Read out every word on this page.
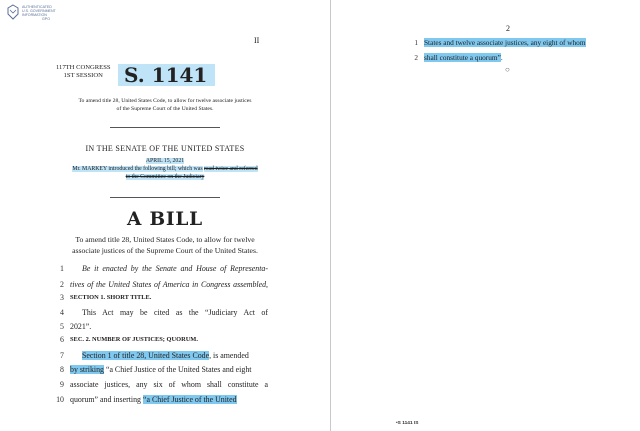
AUTHENTICATED
U.S. GOVERNMENT
INFORMATION
GPO
II
117TH CONGRESS
1ST SESSION	S. 1141
To amend title 28, United States Code, to allow for twelve associate justices
of the Supreme Court of the United States.
IN THE SENATE OF THE UNITED STATES
APRIL 15, 2021
Mr. MARKEY introduced the following bill; which was read twice and referred
to the Committee on the Judiciary
A BILL
To amend title 28, United States Code, to allow for twelve
associate justices of the Supreme Court of the United States.
1	Be it enacted by the Senate and House of Representa-
2 tives of the United States of America in Congress assembled,
3 SECTION 1. SHORT TITLE.
4	This Act may be cited as the “Judiciary Act of
5 2021”.
6 SEC. 2. NUMBER OF JUSTICES; QUORUM.
7	Section 1 of title 28, United States Code, is amended
8 by striking “a Chief Justice of the United States and eight
9 associate justices, any six of whom shall constitute a
10 quorum” and inserting “a Chief Justice of the United
2
1 States and twelve associate justices, any eight of whom
2 shall constitute a quorum”.
○
•S 1141 IS
